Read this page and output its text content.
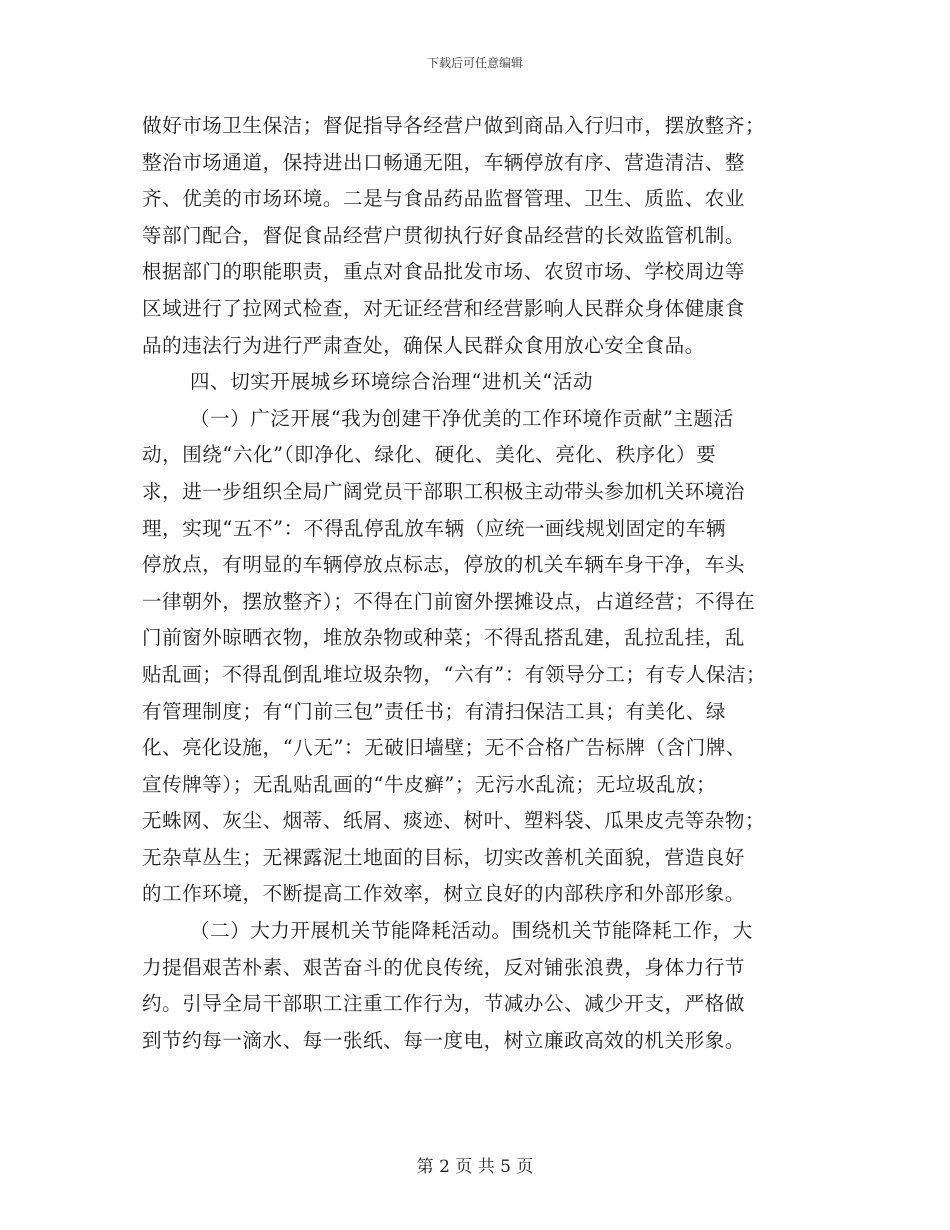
下载后可任意编辑
做好市场卫生保洁；督促指导各经营户做到商品入行归市，摆放整齐；
整治市场通道，保持进出口畅通无阻，车辆停放有序、营造清洁、整
齐、优美的市场环境。二是与食品药品监督管理、卫生、质监、农业
等部门配合，督促食品经营户贯彻执行好食品经营的长效监管机制。
根据部门的职能职责，重点对食品批发市场、农贸市场、学校周边等
区域进行了拉网式检查，对无证经营和经营影响人民群众身体健康食
品的违法行为进行严肃查处，确保人民群众食用放心安全食品。
四、切实开展城乡环境综合治理“进机关“活动
（一）广泛开展“我为创建干净优美的工作环境作贡献”主题活
动，围绕“六化”（即净化、绿化、硬化、美化、亮化、秩序化）要
求，进一步组织全局广阔党员干部职工积极主动带头参加机关环境治
理，实现“五不”：不得乱停乱放车辆（应统一画线规划固定的车辆
停放点，有明显的车辆停放点标志，停放的机关车辆车身干净，车头
一律朝外，摆放整齐）；不得在门前窗外摆摊设点，占道经营；不得在
门前窗外晾晒衣物，堆放杂物或种菜；不得乱搭乱建，乱拉乱挂，乱
贴乱画；不得乱倒乱堆垃圾杂物，“六有”：有领导分工；有专人保洁；
有管理制度；有“门前三包”责任书；有清扫保洁工具；有美化、绿
化、亮化设施，“八无”：无破旧墙壁；无不合格广告标牌（含门牌、
宣传牌等）；无乱贴乱画的“牛皮癣”；无污水乱流；无垃圾乱放；
无蛛网、灰尘、烟蒂、纸屑、痰迹、树叶、塑料袋、瓜果皮壳等杂物；
无杂草丛生；无裸露泥土地面的目标，切实改善机关面貌，营造良好
的工作环境，不断提高工作效率，树立良好的内部秩序和外部形象。
（二）大力开展机关节能降耗活动。围绕机关节能降耗工作，大
力提倡艰苦朴素、艰苦奋斗的优良传统，反对铺张浪费，身体力行节
约。引导全局干部职工注重工作行为，节减办公、减少开支，严格做
到节约每一滴水、每一张纸、每一度电，树立廉政高效的机关形象。
第 2 页 共 5 页
